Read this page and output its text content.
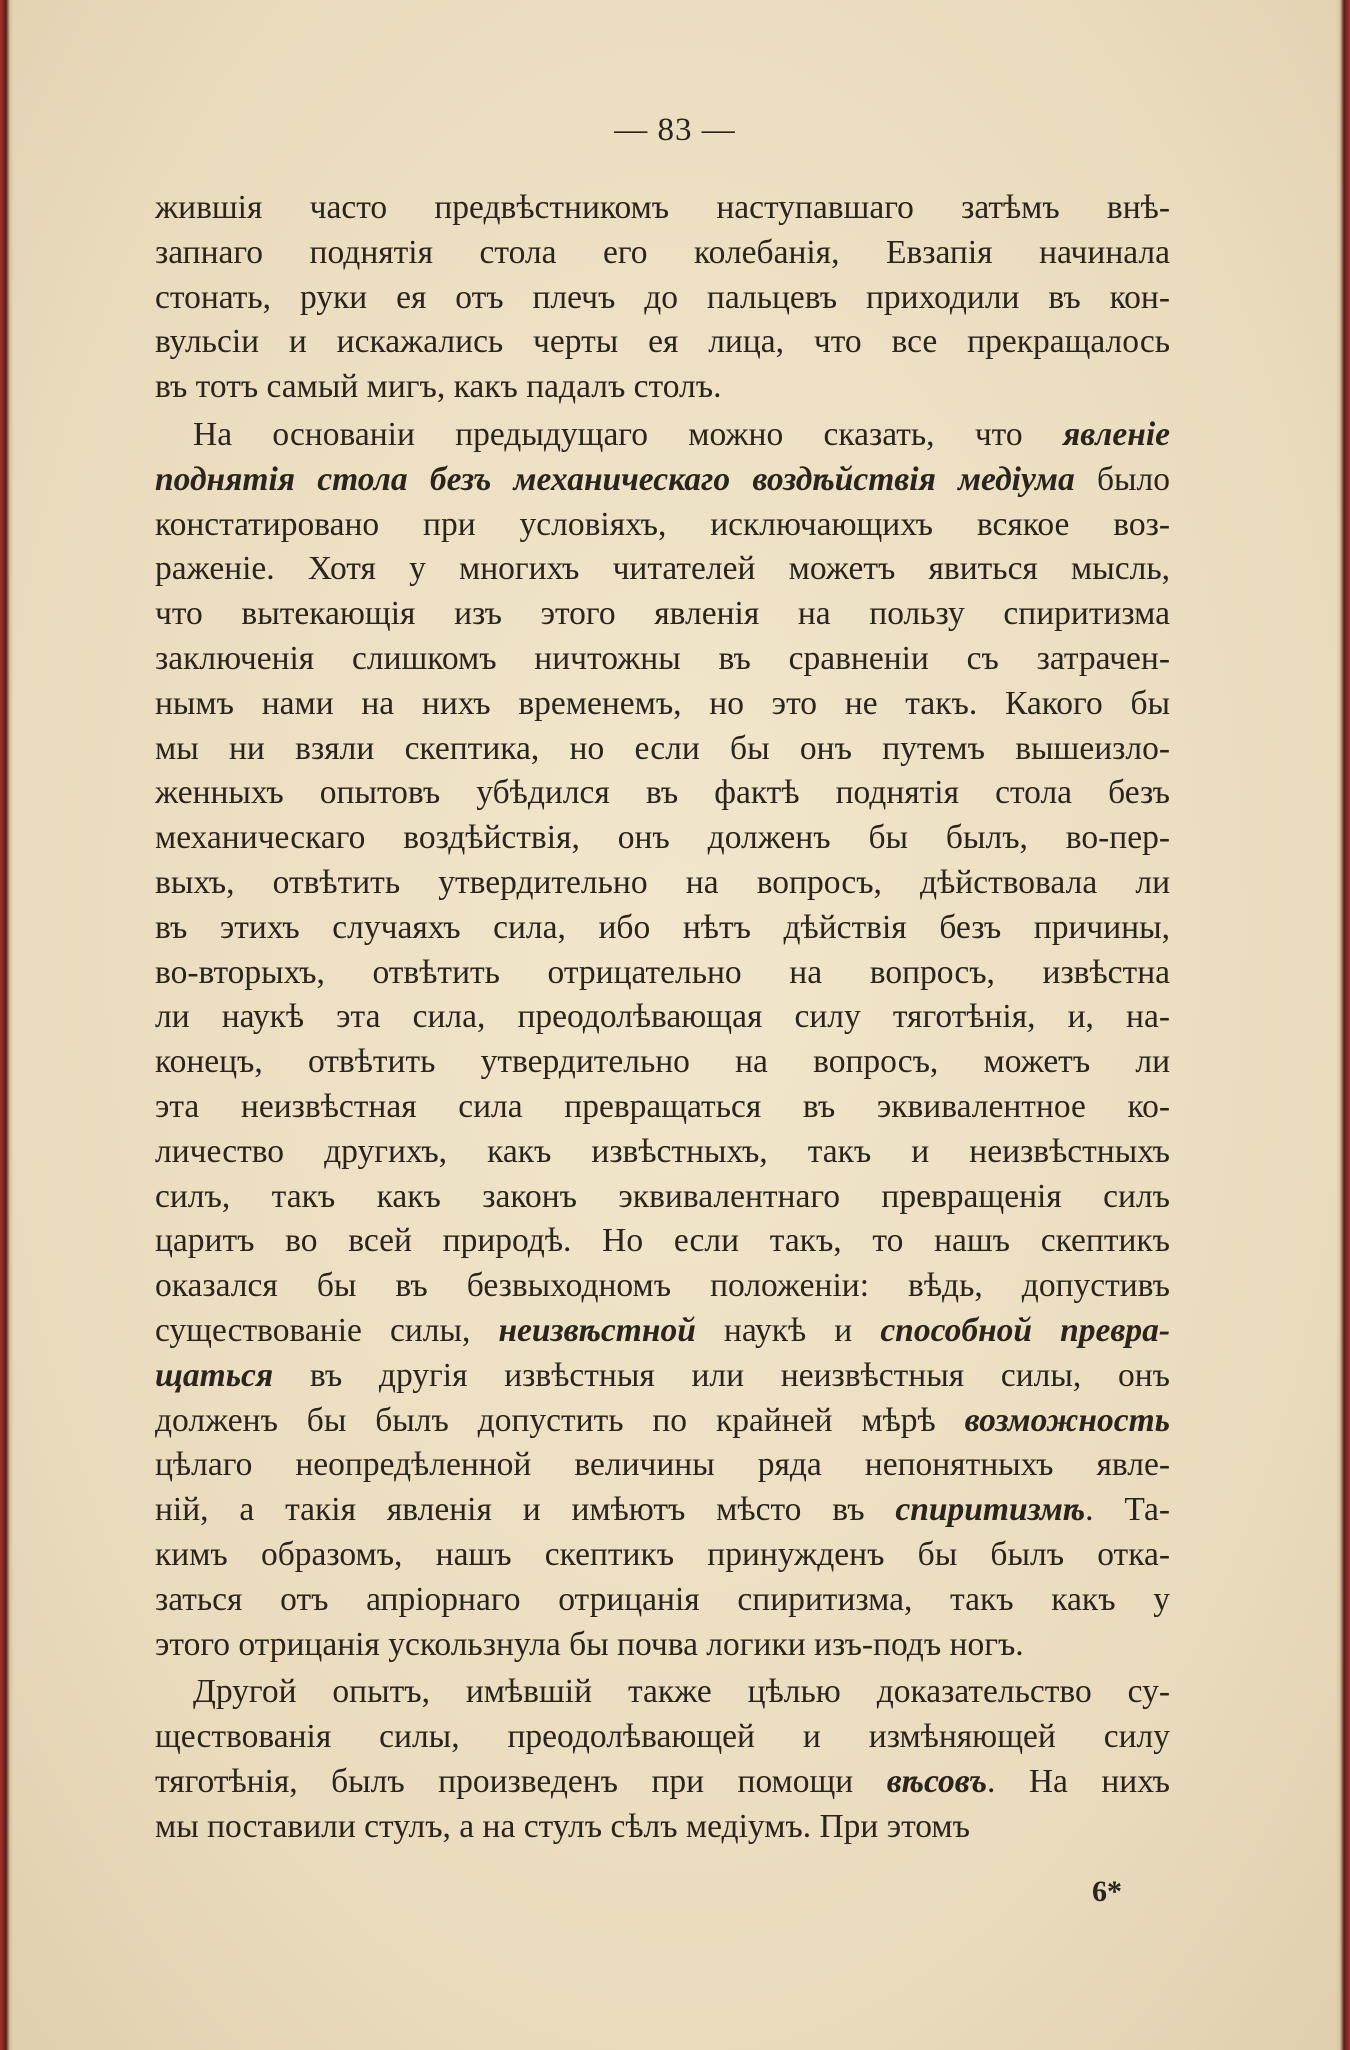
— 83 —
жившія часто предвѣстникомъ наступавшаго затѣмъ внѣ-
запнаго поднятія стола его колебанія, Евзапія начинала
стонать, руки ея отъ плечъ до пальцевъ приходили въ кон-
вульсіи и искажались черты ея лица, что все прекращалось
въ тотъ самый мигъ, какъ падалъ столъ.
На основаніи предыдущаго можно сказать, что явленіе
поднятія стола безъ механическаго воздѣйствія медіума было
констатировано при условіяхъ, исключающихъ всякое воз-
раженіе. Хотя у многихъ читателей можетъ явиться мысль,
что вытекающія изъ этого явленія на пользу спиритизма
заключенія слишкомъ ничтожны въ сравненіи съ затрачен-
нымъ нами на нихъ временемъ, но это не такъ. Какого бы
мы ни взяли скептика, но если бы онъ путемъ вышеизло-
женныхъ опытовъ убѣдился въ фактѣ поднятія стола безъ
механическаго воздѣйствія, онъ долженъ бы былъ, во-пер-
выхъ, отвѣтить утвердительно на вопросъ, дѣйствовала ли
въ этихъ случаяхъ сила, ибо нѣтъ дѣйствія безъ причины,
во-вторыхъ, отвѣтить отрицательно на вопросъ, извѣстна
ли наукѣ эта сила, преодолѣвающая силу тяготѣнія, и, на-
конецъ, отвѣтить утвердительно на вопросъ, можетъ ли
эта неизвѣстная сила превращаться въ эквивалентное ко-
личество другихъ, какъ извѣстныхъ, такъ и неизвѣстныхъ
силъ, такъ какъ законъ эквивалентнаго превращенія силъ
царитъ во всей природѣ. Но если такъ, то нашъ скептикъ
оказался бы въ безвыходномъ положеніи: вѣдь, допустивъ
существованіе силы, неизвѣстной наукѣ и способной превра-
щаться въ другія извѣстныя или неизвѣстныя силы, онъ
долженъ бы былъ допустить по крайней мѣрѣ возможность
цѣлаго неопредѣленной величины ряда непонятныхъ явле-
ній, а такія явленія и имѣютъ мѣсто въ спиритизмѣ. Та-
кимъ образомъ, нашъ скептикъ принужденъ бы былъ отка-
заться отъ апріорнаго отрицанія спиритизма, такъ какъ у
этого отрицанія ускользнула бы почва логики изъ-подъ ногъ.
Другой опытъ, имѣвшій также цѣлью доказательство су-
ществованія силы, преодолѣвающей и измѣняющей силу
тяготѣнія, былъ произведенъ при помощи вѣсовъ. На нихъ
мы поставили стулъ, а на стулъ сѣлъ медіумъ. При этомъ
6*
